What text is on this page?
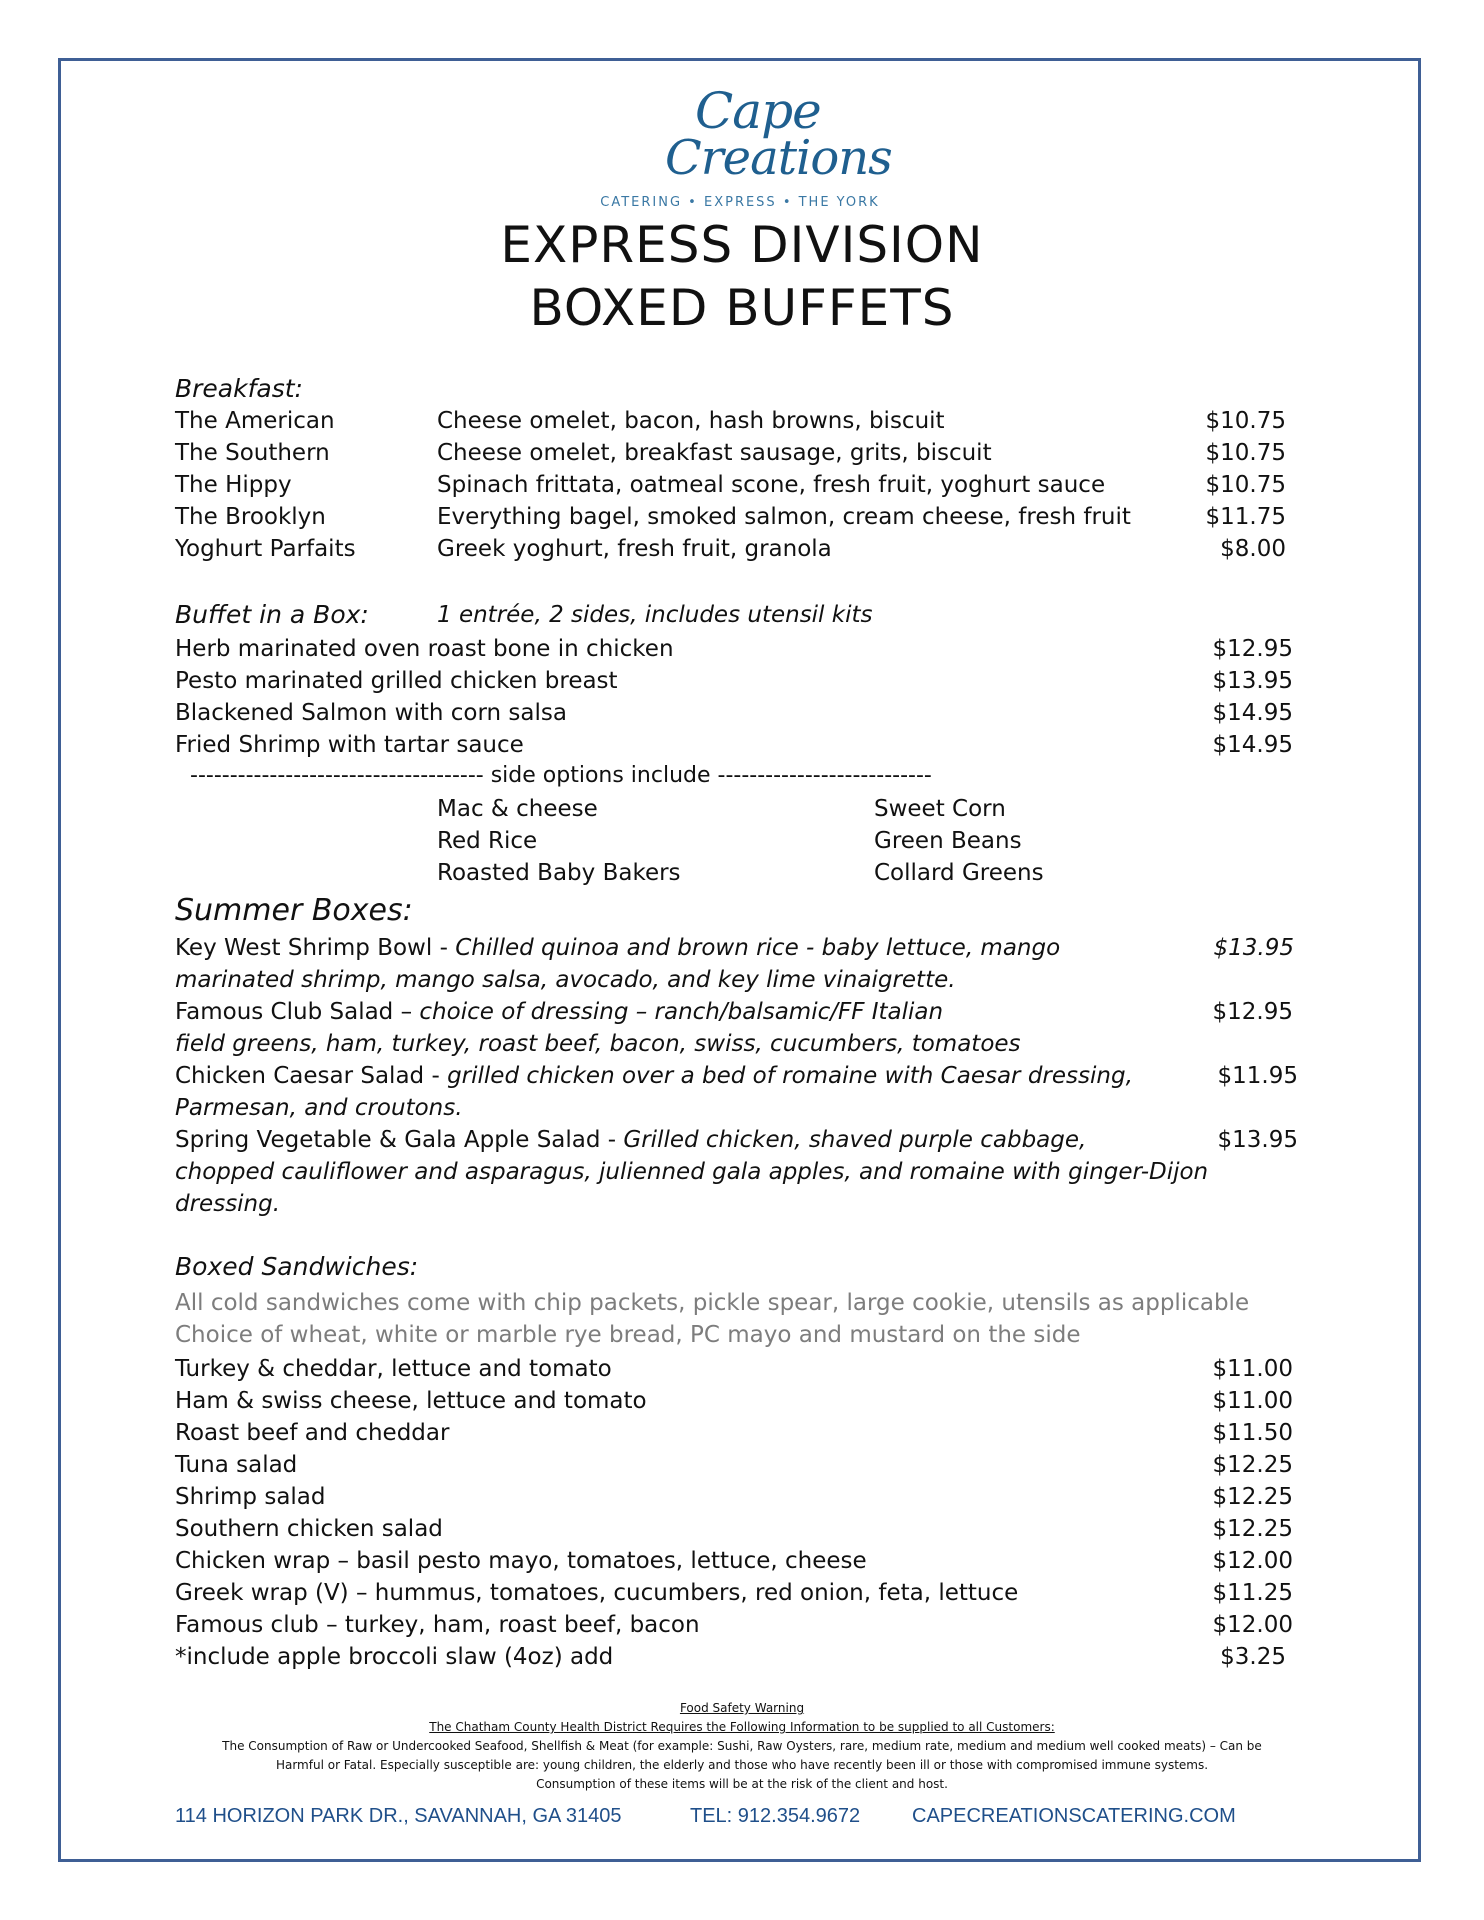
Cape
Creations
CATERING • EXPRESS • THE YORK
EXPRESS DIVISION
BOXED BUFFETS
Breakfast:
The American	Cheese omelet, bacon, hash browns, biscuit	$10.75
The Southern	Cheese omelet, breakfast sausage, grits, biscuit	$10.75
The Hippy	Spinach frittata, oatmeal scone, fresh fruit, yoghurt sauce	$10.75
The Brooklyn	Everything bagel, smoked salmon, cream cheese, fresh fruit	$11.75
Yoghurt Parfaits	Greek yoghurt, fresh fruit, granola	$8.00
Buffet in a Box:	1 entrée, 2 sides, includes utensil kits
Herb marinated oven roast bone in chicken	$12.95
Pesto marinated grilled chicken breast	$13.95
Blackened Salmon with corn salsa	$14.95
Fried Shrimp with tartar sauce	$14.95
------------------------------------- side options include ---------------------------
Mac & cheese
Red Rice
Roasted Baby Bakers
Sweet Corn
Green Beans
Collard Greens
Summer Boxes:
Key West Shrimp Bowl - Chilled quinoa and brown rice - baby lettuce, mango
marinated shrimp, mango salsa, avocado, and key lime vinaigrette.
$13.95
Famous Club Salad – choice of dressing – ranch/balsamic/FF Italian
field greens, ham, turkey, roast beef, bacon, swiss, cucumbers, tomatoes
$12.95
Chicken Caesar Salad - grilled chicken over a bed of romaine with Caesar dressing,
Parmesan, and croutons.
$11.95
Spring Vegetable & Gala Apple Salad - Grilled chicken, shaved purple cabbage,
chopped cauliflower and asparagus, julienned gala apples, and romaine with ginger-Dijon
dressing.
$13.95
Boxed Sandwiches:
All cold sandwiches come with chip packets, pickle spear, large cookie, utensils as applicable
Choice of wheat, white or marble rye bread, PC mayo and mustard on the side
Turkey & cheddar, lettuce and tomato	$11.00
Ham & swiss cheese, lettuce and tomato	$11.00
Roast beef and cheddar	$11.50
Tuna salad	$12.25
Shrimp salad	$12.25
Southern chicken salad	$12.25
Chicken wrap – basil pesto mayo, tomatoes, lettuce, cheese	$12.00
Greek wrap (V) – hummus, tomatoes, cucumbers, red onion, feta, lettuce	$11.25
Famous club – turkey, ham, roast beef, bacon	$12.00
*include apple broccoli slaw (4oz) add	$3.25
Food Safety Warning
The Chatham County Health District Requires the Following Information to be supplied to all Customers:
The Consumption of Raw or Undercooked Seafood, Shellfish & Meat (for example: Sushi, Raw Oysters, rare, medium rate, medium and medium well cooked meats) – Can be
Harmful or Fatal. Especially susceptible are: young children, the elderly and those who have recently been ill or those with compromised immune systems.
Consumption of these items will be at the risk of the client and host.
114 HORIZON PARK DR., SAVANNAH, GA 31405	TEL: 912.354.9672	CAPECREATIONSCATERING.COM
